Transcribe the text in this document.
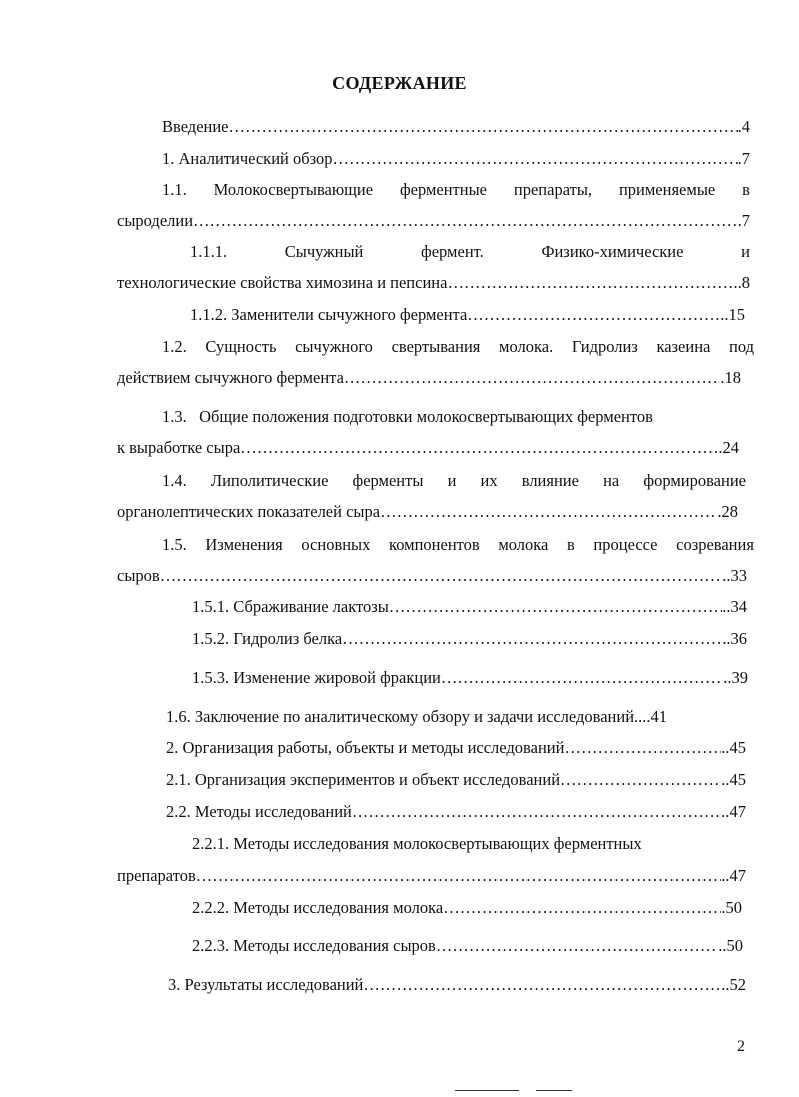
СОДЕРЖАНИЕ
Введение ……………………………………………………………………………………………………………………………………………………………………	.4
1. Аналитический обзор ……………………………………………………………………………………………………………………………………………………………………	.7
1.1. Молокосвертывающие ферментные препараты, применяемые в
сыроделии ……………………………………………………………………………………………………………………………………………………………………	.7
1.1.1.	Сычужный	фермент.	Физико-химические	и
технологические свойства химозина и пепсина ……………………………………………………………………………………………………………………………………………………………………	..8
1.1.2. Заменители сычужного фермента ……………………………………………………………………………………………………………………………………………………………………	..15
1.2. Сущность сычужного свертывания молока. Гидролиз казеина под
действием сычужного фермента ……………………………………………………………………………………………………………………………………………………………………	.18
1.3.   Общие положения подготовки молокосвертывающих ферментов
к выработке сыра ……………………………………………………………………………………………………………………………………………………………………	.24
1.4. Липолитические ферменты и их влияние на формирование
органолептических показателей сыра ……………………………………………………………………………………………………………………………………………………………………	.28
1.5. Изменения основных компонентов молока в процессе созревания
сыров ……………………………………………………………………………………………………………………………………………………………………	..33
1.5.1. Сбраживание лактозы ……………………………………………………………………………………………………………………………………………………………………	..34
1.5.2. Гидролиз белка ……………………………………………………………………………………………………………………………………………………………………	.36
1.5.3. Изменение жировой фракции ……………………………………………………………………………………………………………………………………………………………………	..39
1.6. Заключение по аналитическому обзору и задачи исследований ....41
2. Организация работы, объекты и методы исследований ……………………………………………………………………………………………………………………………………………………………………	..45
2.1. Организация экспериментов и объект исследований ……………………………………………………………………………………………………………………………………………………………………	..45
2.2. Методы исследований ……………………………………………………………………………………………………………………………………………………………………	.47
2.2.1. Методы исследования молокосвертывающих ферментных
препаратов ……………………………………………………………………………………………………………………………………………………………………	..47
2.2.2. Методы исследования молока ……………………………………………………………………………………………………………………………………………………………………	.50
2.2.3. Методы исследования сыров ……………………………………………………………………………………………………………………………………………………………………	..50
3. Результаты исследований ……………………………………………………………………………………………………………………………………………………………………	..52
2
